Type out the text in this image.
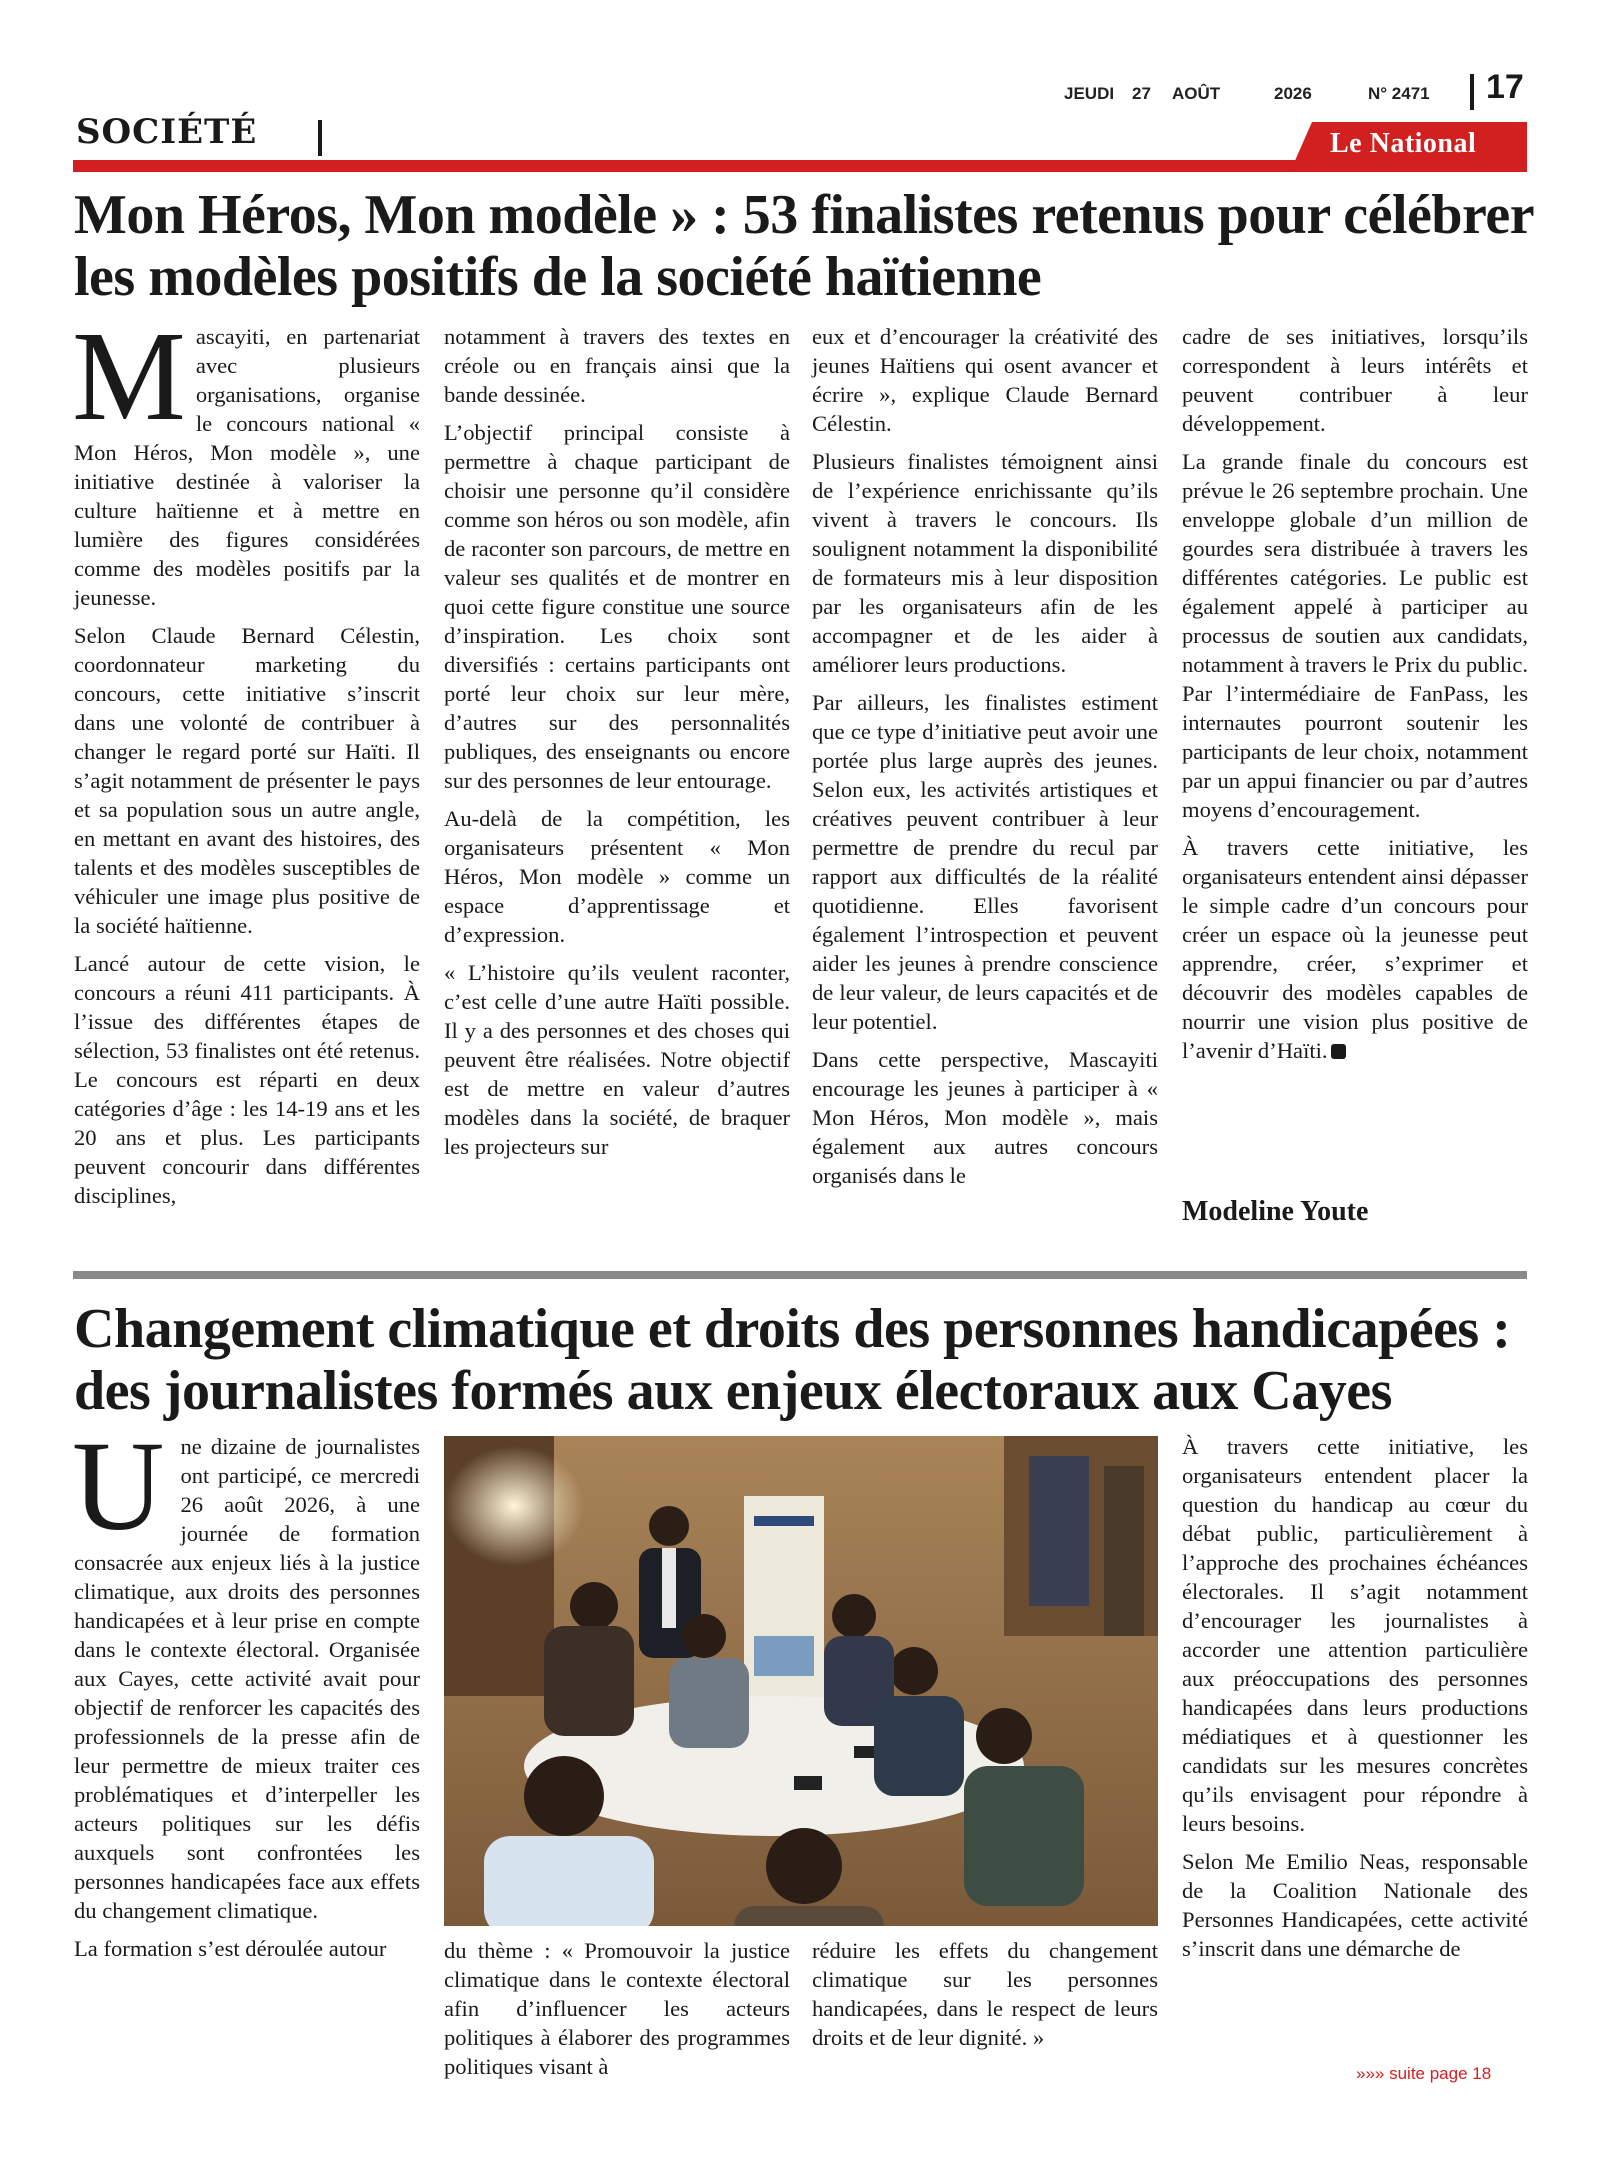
SOCIÉTÉ
JEUDI 27 AOÛT	2026	N° 2471 17
Le National
Mon Héros, Mon modèle » : 53 finalistes retenus pour célébrer
les modèles positifs de la société haïtienne

Mascayiti, en partenariat avec plusieurs organisations, organise le concours national « Mon Héros, Mon modèle », une initiative destinée à valoriser la culture haïtienne et à mettre en lumière des figures considérées comme des modèles positifs par la jeunesse.

Selon Claude Bernard Célestin, coordonnateur marketing du concours, cette initiative s’inscrit dans une volonté de contribuer à changer le regard porté sur Haïti. Il s’agit notamment de présenter le pays et sa population sous un autre angle, en mettant en avant des histoires, des talents et des modèles susceptibles de véhiculer une image plus positive de la société haïtienne.

Lancé autour de cette vision, le concours a réuni 411 participants. À l’issue des différentes étapes de sélection, 53 finalistes ont été retenus. Le concours est réparti en deux catégories d’âge : les 14-19 ans et les 20 ans et plus. Les participants peuvent concourir dans différentes disciplines,

notamment à travers des textes en créole ou en français ainsi que la bande dessinée.

L’objectif principal consiste à permettre à chaque participant de choisir une personne qu’il considère comme son héros ou son modèle, afin de raconter son parcours, de mettre en valeur ses qualités et de montrer en quoi cette figure constitue une source d’inspiration. Les choix sont diversifiés : certains participants ont porté leur choix sur leur mère, d’autres sur des personnalités publiques, des enseignants ou encore sur des personnes de leur entourage.

Au-delà de la compétition, les organisateurs présentent « Mon Héros, Mon modèle » comme un espace d’apprentissage et d’expression.

« L’histoire qu’ils veulent raconter, c’est celle d’une autre Haïti possible. Il y a des personnes et des choses qui peuvent être réalisées. Notre objectif est de mettre en valeur d’autres modèles dans la société, de braquer les projecteurs sur

eux et d’encourager la créativité des jeunes Haïtiens qui osent avancer et écrire », explique Claude Bernard Célestin.

Plusieurs finalistes témoignent ainsi de l’expérience enrichissante qu’ils vivent à travers le concours. Ils soulignent notamment la disponibilité de formateurs mis à leur disposition par les organisateurs afin de les accompagner et de les aider à améliorer leurs productions.

Par ailleurs, les finalistes estiment que ce type d’initiative peut avoir une portée plus large auprès des jeunes. Selon eux, les activités artistiques et créatives peuvent contribuer à leur permettre de prendre du recul par rapport aux difficultés de la réalité quotidienne. Elles favorisent également l’introspection et peuvent aider les jeunes à prendre conscience de leur valeur, de leurs capacités et de leur potentiel.

Dans cette perspective, Mascayiti encourage les jeunes à participer à « Mon Héros, Mon modèle », mais également aux autres concours organisés dans le

cadre de ses initiatives, lorsqu’ils correspondent à leurs intérêts et peuvent contribuer à leur développement.

La grande finale du concours est prévue le 26 septembre prochain. Une enveloppe globale d’un million de gourdes sera distribuée à travers les différentes catégories. Le public est également appelé à participer au processus de soutien aux candidats, notamment à travers le Prix du public. Par l’intermédiaire de FanPass, les internautes pourront soutenir les participants de leur choix, notamment par un appui financier ou par d’autres moyens d’encouragement.

À travers cette initiative, les organisateurs entendent ainsi dépasser le simple cadre d’un concours pour créer un espace où la jeunesse peut apprendre, créer, s’exprimer et découvrir des modèles capables de nourrir une vision plus positive de l’avenir d’Haïti.

Modeline Youte
Changement climatique et droits des personnes handicapées :
des journalistes formés aux enjeux électoraux aux Cayes

Une dizaine de journalistes ont participé, ce mercredi 26 août 2026, à une journée de formation consacrée aux enjeux liés à la justice climatique, aux droits des personnes handicapées et à leur prise en compte dans le contexte électoral. Organisée aux Cayes, cette activité avait pour objectif de renforcer les capacités des professionnels de la presse afin de leur permettre de mieux traiter ces problématiques et d’interpeller les acteurs politiques sur les défis auxquels sont confrontées les personnes handicapées face aux effets du changement climatique.

La formation s’est déroulée autour	du thème : « Promouvoir la justice climatique dans le contexte électoral afin d’influencer les acteurs politiques à élaborer des programmes politiques visant à

réduire les effets du changement climatique sur les personnes handicapées, dans le respect de leurs droits et de leur dignité. »

À travers cette initiative, les organisateurs entendent placer la question du handicap au cœur du débat public, particulièrement à l’approche des prochaines échéances électorales. Il s’agit notamment d’encourager les journalistes à accorder une attention particulière aux préoccupations des personnes handicapées dans leurs productions médiatiques et à questionner les candidats sur les mesures concrètes qu’ils envisagent pour répondre à leurs besoins.

Selon Me Emilio Neas, responsable de la Coalition Nationale des Personnes Handicapées, cette activité s’inscrit dans une démarche de

»»» suite page 18
